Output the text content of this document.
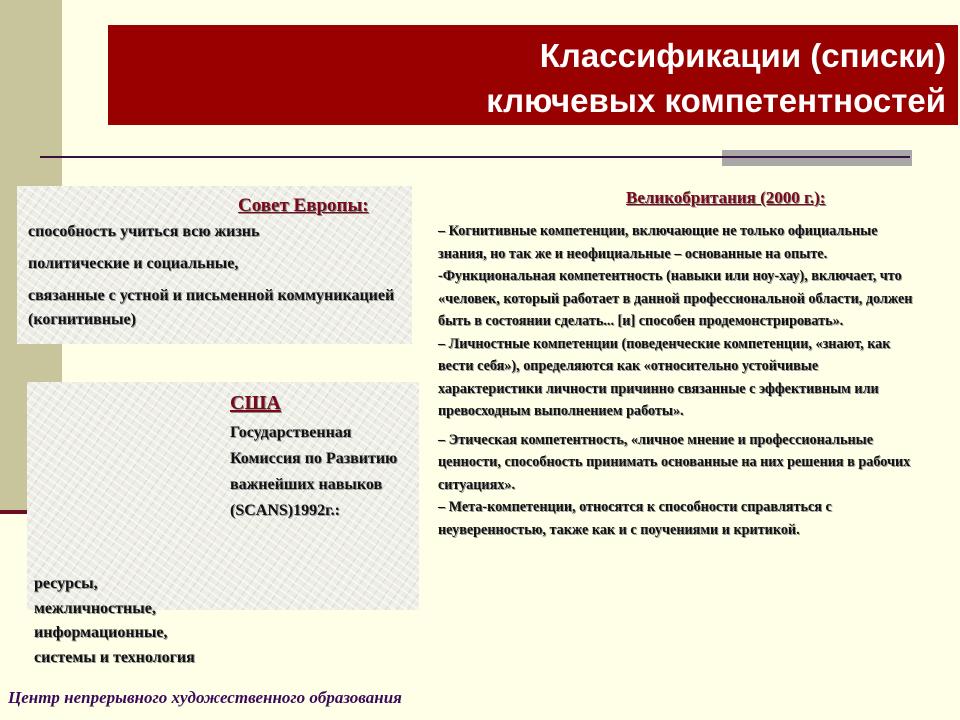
Классификации (списки)
ключевых компетентностей
Совет Европы:
способность учиться всю жизнь
политические и социальные,
связанные с устной и письменной коммуникацией (когнитивные)
США
Государственная Комиссия по Развитию важнейших навыков (SCANS)1992г.:
ресурсы,
межличностные,
информационные,
системы и технология
Великобритания (2000 г.):
– Когнитивные компетенции, включающие не только официальные знания, но так же и неофициальные – основанные на опыте.
-Функциональная компетентность (навыки или ноу-хау), включает, что «человек, который работает в данной профессиональной области, должен быть в состоянии сделать... [и] способен продемонстрировать».
– Личностные компетенции (поведенческие компетенции, «знают, как вести себя»), определяются как «относительно устойчивые характеристики личности причинно связанные с эффективным или превосходным выполнением работы».
– Этическая компетентность, «личное мнение и профессиональные ценности, способность принимать основанные на них решения в рабочих ситуациях».
– Мета-компетенции, относятся к способности справляться с неуверенностью, также как и с поучениями и критикой.
Центр непрерывного художественного образования
